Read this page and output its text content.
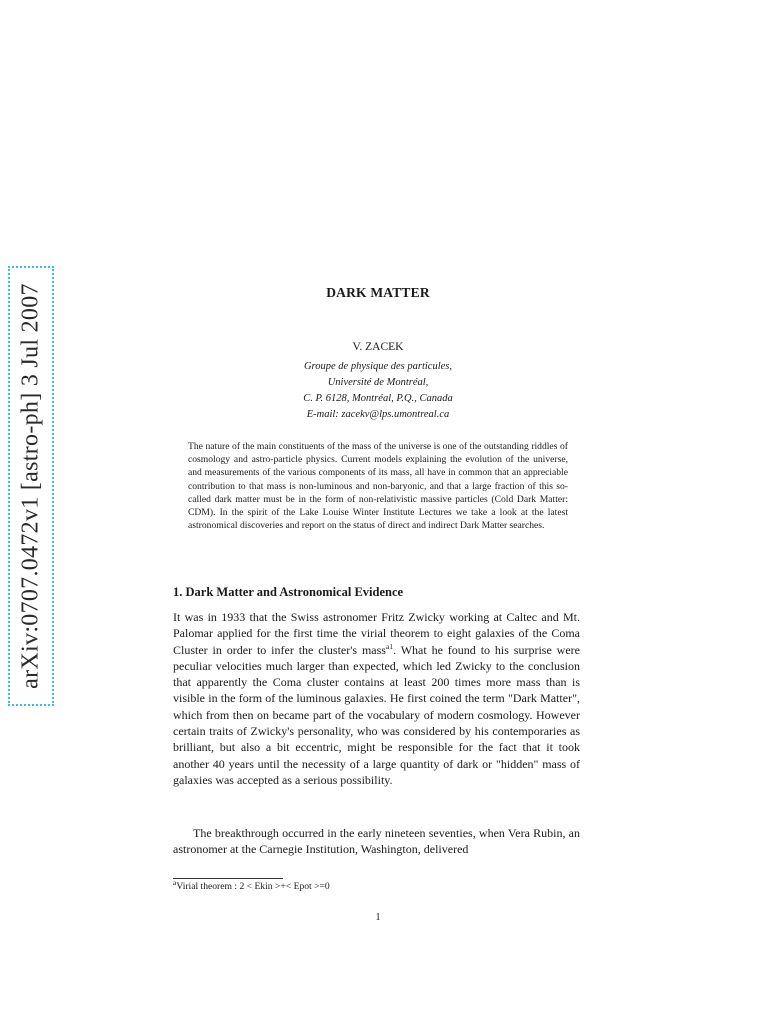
arXiv:0707.0472v1 [astro-ph] 3 Jul 2007	DARK MATTER
V. ZACEK
Groupe de physique des particules,
Université de Montréal,
C. P. 6128, Montréal, P.Q., Canada
E-mail: zacekv@lps.umontreal.ca
The nature of the main constituents of the mass of the universe is one of the outstanding riddles of cosmology and astro-particle physics. Current models explaining the evolution of the universe, and measurements of the various components of its mass, all have in common that an appreciable contribution to that mass is non-luminous and non-baryonic, and that a large fraction of this so-called dark matter must be in the form of non-relativistic massive particles (Cold Dark Matter: CDM). In the spirit of the Lake Louise Winter Institute Lectures we take a look at the latest astronomical discoveries and report on the status of direct and indirect Dark Matter searches.
1. Dark Matter and Astronomical Evidence
It was in 1933 that the Swiss astronomer Fritz Zwicky working at Caltec and Mt. Palomar applied for the first time the virial theorem to eight galaxies of the Coma Cluster in order to infer the cluster's mass$^{a1}$. What he found to his surprise were peculiar velocities much larger than expected, which led Zwicky to the conclusion that apparently the Coma cluster contains at least 200 times more mass than is visible in the form of the luminous galaxies. He first coined the term "Dark Matter", which from then on became part of the vocabulary of modern cosmology. However certain traits of Zwicky's personality, who was considered by his contemporaries as brilliant, but also a bit eccentric, might be responsible for the fact that it took another 40 years until the necessity of a large quantity of dark or "hidden" mass of galaxies was accepted as a serious possibility.
The breakthrough occurred in the early nineteen seventies, when Vera Rubin, an astronomer at the Carnegie Institution, Washington, delivered
$^a$Virial theorem : 2 < Ekin >+< Epot >=0
1
